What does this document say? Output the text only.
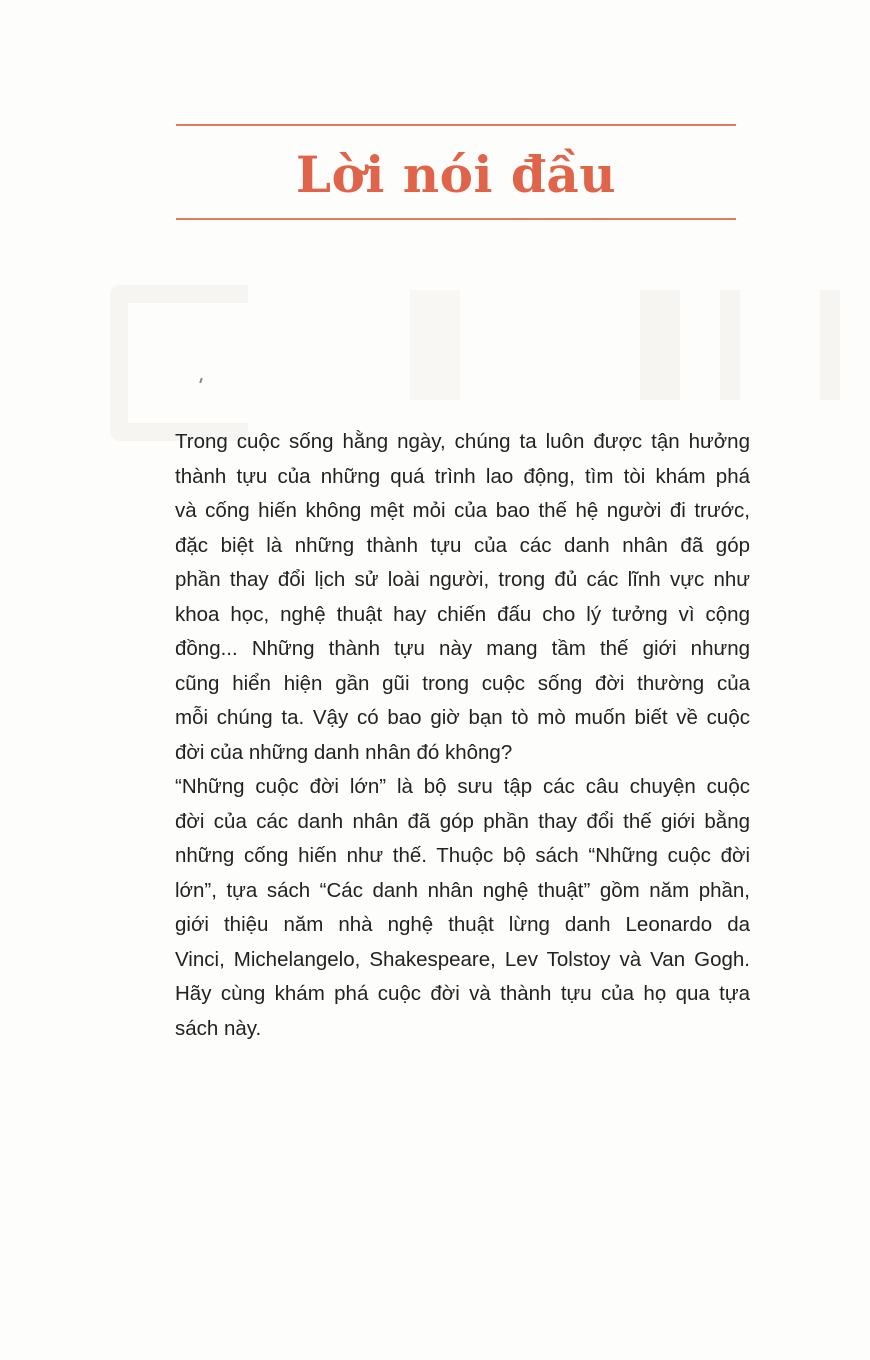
Lời nói đầu

Trong cuộc sống hằng ngày, chúng ta luôn được tận hưởng
thành tựu của những quá trình lao động, tìm tòi khám phá
và cống hiến không mệt mỏi của bao thế hệ người đi trước,
đặc biệt là những thành tựu của các danh nhân đã góp
phần thay đổi lịch sử loài người, trong đủ các lĩnh vực như
khoa học, nghệ thuật hay chiến đấu cho lý tưởng vì cộng
đồng... Những thành tựu này mang tầm thế giới nhưng
cũng hiển hiện gần gũi trong cuộc sống đời thường của
mỗi chúng ta. Vậy có bao giờ bạn tò mò muốn biết về cuộc
đời của những danh nhân đó không?

“Những cuộc đời lớn” là bộ sưu tập các câu chuyện cuộc
đời của các danh nhân đã góp phần thay đổi thế giới bằng
những cống hiến như thế. Thuộc bộ sách “Những cuộc đời
lớn”, tựa sách “Các danh nhân nghệ thuật” gồm năm phần,
giới thiệu năm nhà nghệ thuật lừng danh Leonardo da
Vinci, Michelangelo, Shakespeare, Lev Tolstoy và Van Gogh.
Hãy cùng khám phá cuộc đời và thành tựu của họ qua tựa
sách này.
